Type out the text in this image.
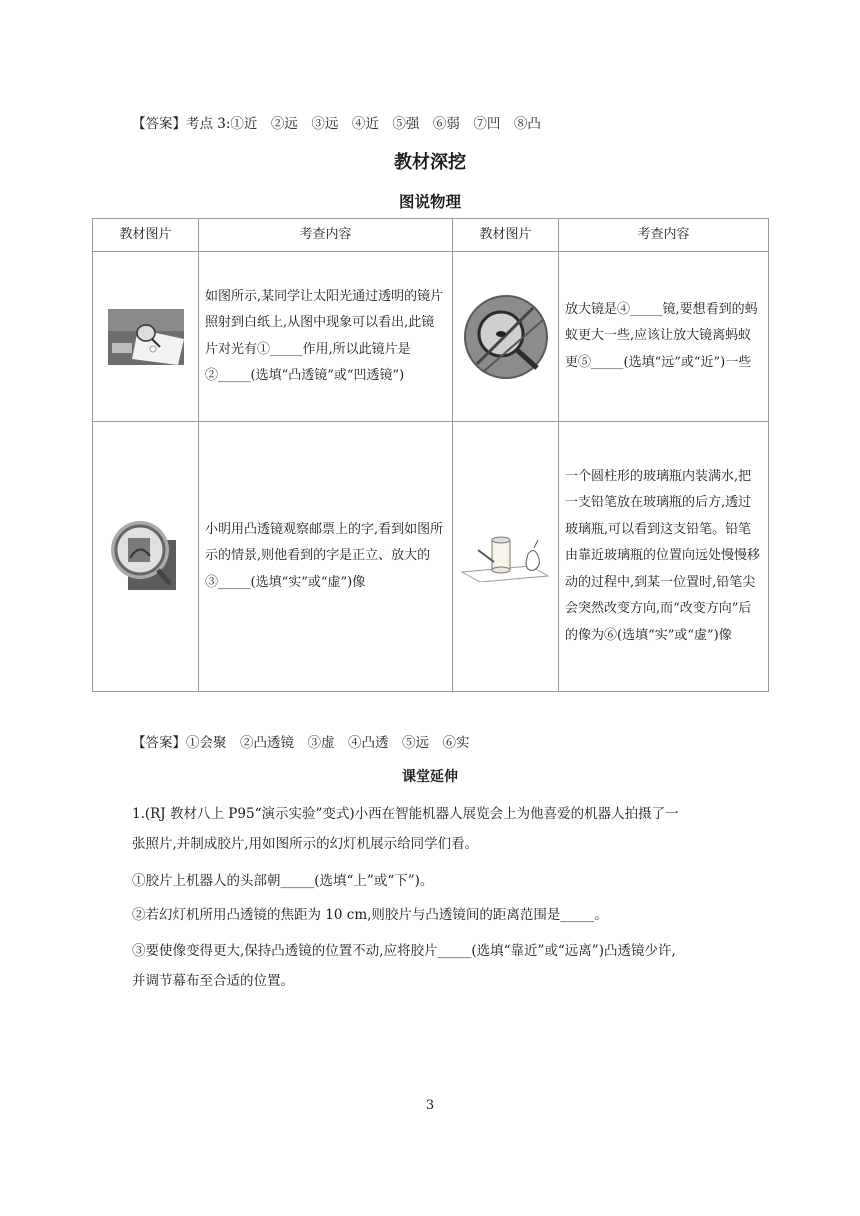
【答案】考点 3:①近　②远　③远　④近　⑤强　⑥弱　⑦凹　⑧凸
教材深挖
图说物理
教材图片	考查内容	教材图片	考查内容

如图所示,某同学让太阳光通过透明的镜片照射到白纸上,从图中现象可以看出,此镜片对光有①_____作用,所以此镜片是②_____(选填“凸透镜”或“凹透镜”)		放大镜是④_____镜,要想看到的蚂蚁更大一些,应该让放大镜离蚂蚁更⑤_____(选填“远”或“近”)一些

小明用凸透镜观察邮票上的字,看到如图所示的情景,则他看到的字是正立、放大的③_____(选填“实”或“虚”)像		一个圆柱形的玻璃瓶内装满水,把一支铅笔放在玻璃瓶的后方,透过玻璃瓶,可以看到这支铅笔。铅笔由靠近玻璃瓶的位置向远处慢慢移动的过程中,到某一位置时,铅笔尖会突然改变方向,而“改变方向”后的像为⑥(选填“实”或“虚”)像
【答案】①会聚　②凸透镜　③虚　④凸透　⑤远　⑥实
课堂延伸
1.(RJ 教材八上 P95“演示实验”变式)小西在智能机器人展览会上为他喜爱的机器人拍摄了一
张照片,并制成胶片,用如图所示的幻灯机展示给同学们看。
①胶片上机器人的头部朝_____(选填“上”或“下”)。
②若幻灯机所用凸透镜的焦距为 10 cm,则胶片与凸透镜间的距离范围是_____。
③要使像变得更大,保持凸透镜的位置不动,应将胶片_____(选填“靠近”或“远离”)凸透镜少许,
并调节幕布至合适的位置。
3
